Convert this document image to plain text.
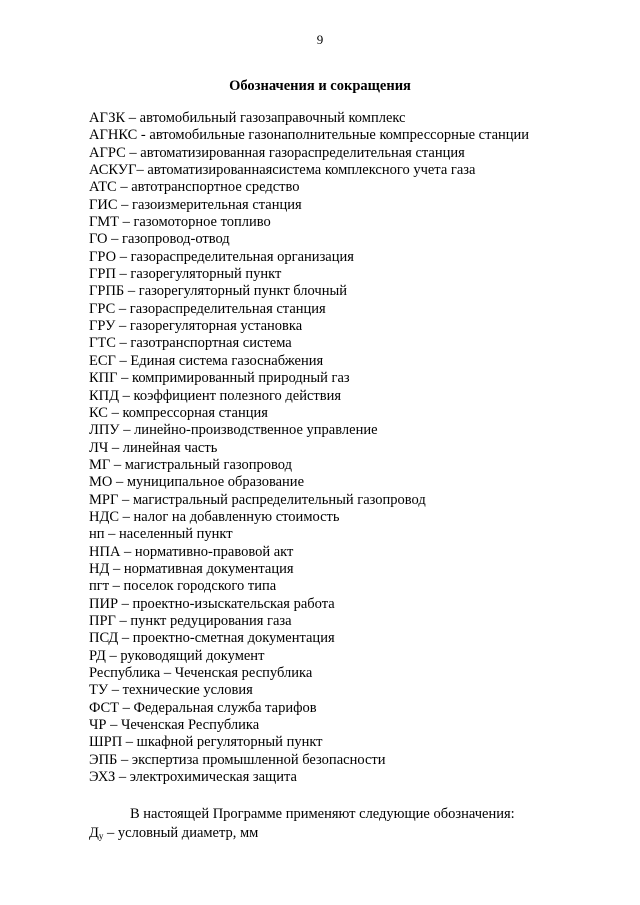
9
Обозначения и сокращения
АГЗК – автомобильный газозаправочный комплекс
АГНКС - автомобильные газонаполнительные компрессорные станции
АГРС – автоматизированная газораспределительная станция
АСКУГ– автоматизированнаясистема комплексного учета газа
АТС – автотранспортное средство
ГИС – газоизмерительная станция
ГМТ – газомоторное топливо
ГО – газопровод-отвод
ГРО – газораспределительная организация
ГРП – газорегуляторный пункт
ГРПБ – газорегуляторный пункт блочный
ГРС – газораспределительная станция
ГРУ – газорегуляторная установка
ГТС – газотранспортная система
ЕСГ – Единая система газоснабжения
КПГ – компримированный природный газ
КПД – коэффициент полезного действия
КС – компрессорная станция
ЛПУ – линейно-производственное управление
ЛЧ – линейная часть
МГ – магистральный газопровод
МО – муниципальное образование
МРГ – магистральный распределительный газопровод
НДС – налог на добавленную стоимость
нп – населенный пункт
НПА – нормативно-правовой акт
НД – нормативная документация
пгт – поселок городского типа
ПИР – проектно-изыскательская работа
ПРГ – пункт редуцирования газа
ПСД – проектно-сметная документация
РД – руководящий документ
Республика – Чеченская республика
ТУ – технические условия
ФСТ – Федеральная служба тарифов
ЧР – Чеченская Республика
ШРП – шкафной регуляторный пункт
ЭПБ – экспертиза промышленной безопасности
ЭХЗ – электрохимическая защита
В настоящей Программе применяют следующие обозначения:
$Д_у$ – условный диаметр, мм
